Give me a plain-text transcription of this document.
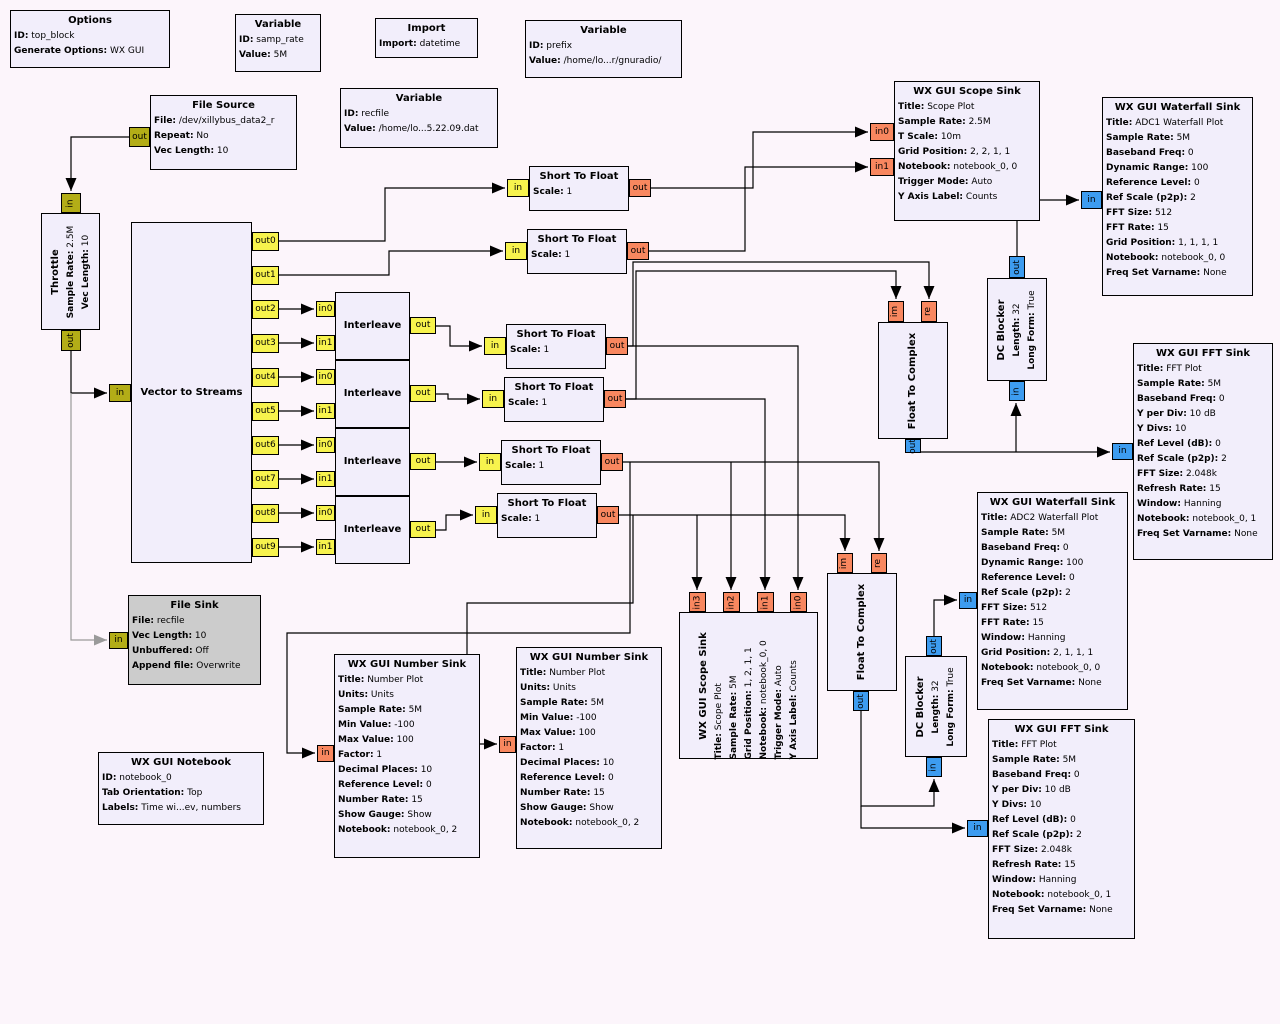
Options
ID: top_block
Generate Options: WX GUI
Variable
ID: samp_rate
Value: 5M
Import
Import: datetime
Variable
ID: prefix
Value: /home/lo...r/gnuradio/
Variable
ID: recfile
Value: /home/lo...5.22.09.dat
File Source
File: /dev/xillybus_data2_r
Repeat: No
Vec Length: 10
out
Throttle Sample Rate: 2.5M
Vec Length: 10
in
out
Vector to Streams
in
out0
out1
out2
out3
out4
out5
out6
out7
out8
out9
Interleave
in0
in1
out
Interleave
in0
in1
out
Interleave
in0
in1
out
Interleave
in0
in1
out
Short To Float
Scale: 1
in	out
Short To Float
Scale: 1
in	out
Short To Float
Scale: 1
in	out
Short To Float
Scale: 1
in	out
Short To Float
Scale: 1
in	out
Short To Float
Scale: 1
in	out
WX GUI Scope Sink
Title: Scope Plot
Sample Rate: 2.5M
T Scale: 10m
Grid Position: 2, 2, 1, 1
Notebook: notebook_0, 0
Trigger Mode: Auto
Y Axis Label: Counts
in0
in1
WX GUI Waterfall Sink
Title: ADC1 Waterfall Plot
Sample Rate: 5M
Baseband Freq: 0
Dynamic Range: 100
Reference Level: 0
Ref Scale (p2p): 2
FFT Size: 512
FFT Rate: 15
Grid Position: 1, 1, 1, 1
Notebook: notebook_0, 0
Freq Set Varname: None
in
DC Blocker Length: 32
Long Form: True
out
in
Float To Complex
im	re
out
WX GUI FFT Sink
Title: FFT Plot
Sample Rate: 5M
Baseband Freq: 0
Y per Div: 10 dB
Y Divs: 10
Ref Level (dB): 0
Ref Scale (p2p): 2
FFT Size: 2.048k
Refresh Rate: 15
Window: Hanning
Notebook: notebook_0, 1
Freq Set Varname: None
in
WX GUI Waterfall Sink
Title: ADC2 Waterfall Plot
Sample Rate: 5M
Baseband Freq: 0
Dynamic Range: 100
Reference Level: 0
Ref Scale (p2p): 2
FFT Size: 512
FFT Rate: 15
Window: Hanning
Grid Position: 2, 1, 1, 1
Notebook: notebook_0, 0
Freq Set Varname: None
in
WX GUI Scope Sink
Title: Scope Plot Sample Rate: 5M
Grid Position: 1, 2, 1, 1
Notebook: notebook_0, 0
Trigger Mode: Auto
Y Axis Label: Counts
in3	in2	in1	in0	Float To Complex
im	re
out	DC Blocker Length: 32
Long Form: True
out
in
WX GUI FFT Sink
Title: FFT Plot
Sample Rate: 5M
Baseband Freq: 0
Y per Div: 10 dB
Y Divs: 10
Ref Level (dB): 0
Ref Scale (p2p): 2
FFT Size: 2.048k
Refresh Rate: 15
Window: Hanning
Notebook: notebook_0, 1
Freq Set Varname: None
in
WX GUI Number Sink
Title: Number Plot
Units: Units
Sample Rate: 5M
Min Value: -100
Max Value: 100
Factor: 1
Decimal Places: 10
Reference Level: 0
Number Rate: 15
Show Gauge: Show
Notebook: notebook_0, 2
in
WX GUI Number Sink
Title: Number Plot
Units: Units
Sample Rate: 5M
Min Value: -100
Max Value: 100
Factor: 1
Decimal Places: 10
Reference Level: 0
Number Rate: 15
Show Gauge: Show
Notebook: notebook_0, 2
in
File Sink
File: recfile
Vec Length: 10
Unbuffered: Off
Append file: Overwrite
in
WX GUI Notebook
ID: notebook_0
Tab Orientation: Top
Labels: Time wi...ev, numbers
